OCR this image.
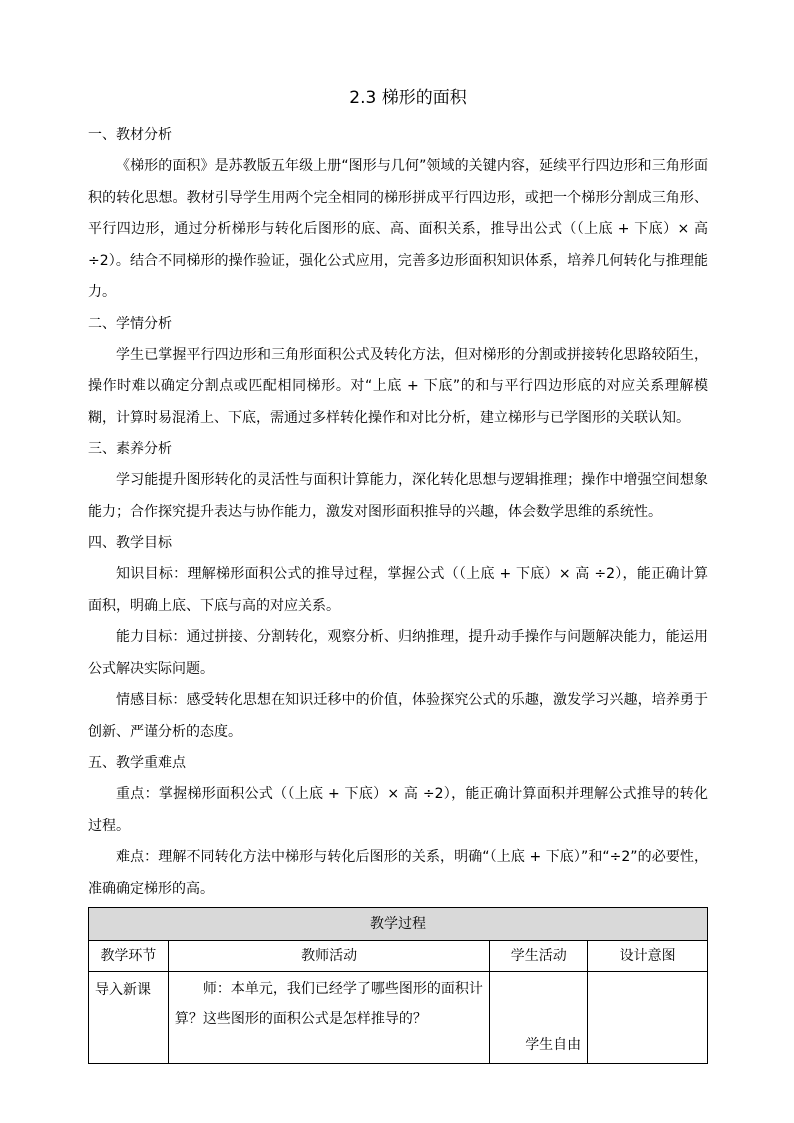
2.3 梯形的面积
一、教材分析

《梯形的面积》是苏教版五年级上册“图形与几何”领域的关键内容，延续平行四边形和三角形面积的转化思想。教材引导学生用两个完全相同的梯形拼成平行四边形，或把一个梯形分割成三角形、平行四边形，通过分析梯形与转化后图形的底、高、面积关系，推导出公式（（上底 + 下底）× 高 ÷2）。结合不同梯形的操作验证，强化公式应用，完善多边形面积知识体系，培养几何转化与推理能力。

二、学情分析

学生已掌握平行四边形和三角形面积公式及转化方法，但对梯形的分割或拼接转化思路较陌生，操作时难以确定分割点或匹配相同梯形。对“上底 + 下底”的和与平行四边形底的对应关系理解模糊，计算时易混淆上、下底，需通过多样转化操作和对比分析，建立梯形与已学图形的关联认知。

三、素养分析

学习能提升图形转化的灵活性与面积计算能力，深化转化思想与逻辑推理；操作中增强空间想象能力；合作探究提升表达与协作能力，激发对图形面积推导的兴趣，体会数学思维的系统性。

四、教学目标

知识目标：理解梯形面积公式的推导过程，掌握公式（（上底 + 下底）× 高 ÷2），能正确计算面积，明确上底、下底与高的对应关系。

能力目标：通过拼接、分割转化，观察分析、归纳推理，提升动手操作与问题解决能力，能运用公式解决实际问题。

情感目标：感受转化思想在知识迁移中的价值，体验探究公式的乐趣，激发学习兴趣，培养勇于创新、严谨分析的态度。

五、教学重难点

重点：掌握梯形面积公式（（上底 + 下底）× 高 ÷2），能正确计算面积并理解公式推导的转化过程。

难点：理解不同转化方法中梯形与转化后图形的关系，明确“（上底 + 下底）”和“÷2”的必要性，准确确定梯形的高。

教学过程			
教学环节	教师活动	学生活动	设计意图
导入新课	师：本单元，我们已经学了哪些图形的面积计算？这些图形的面积公式是怎样推导的？	学生自由	
